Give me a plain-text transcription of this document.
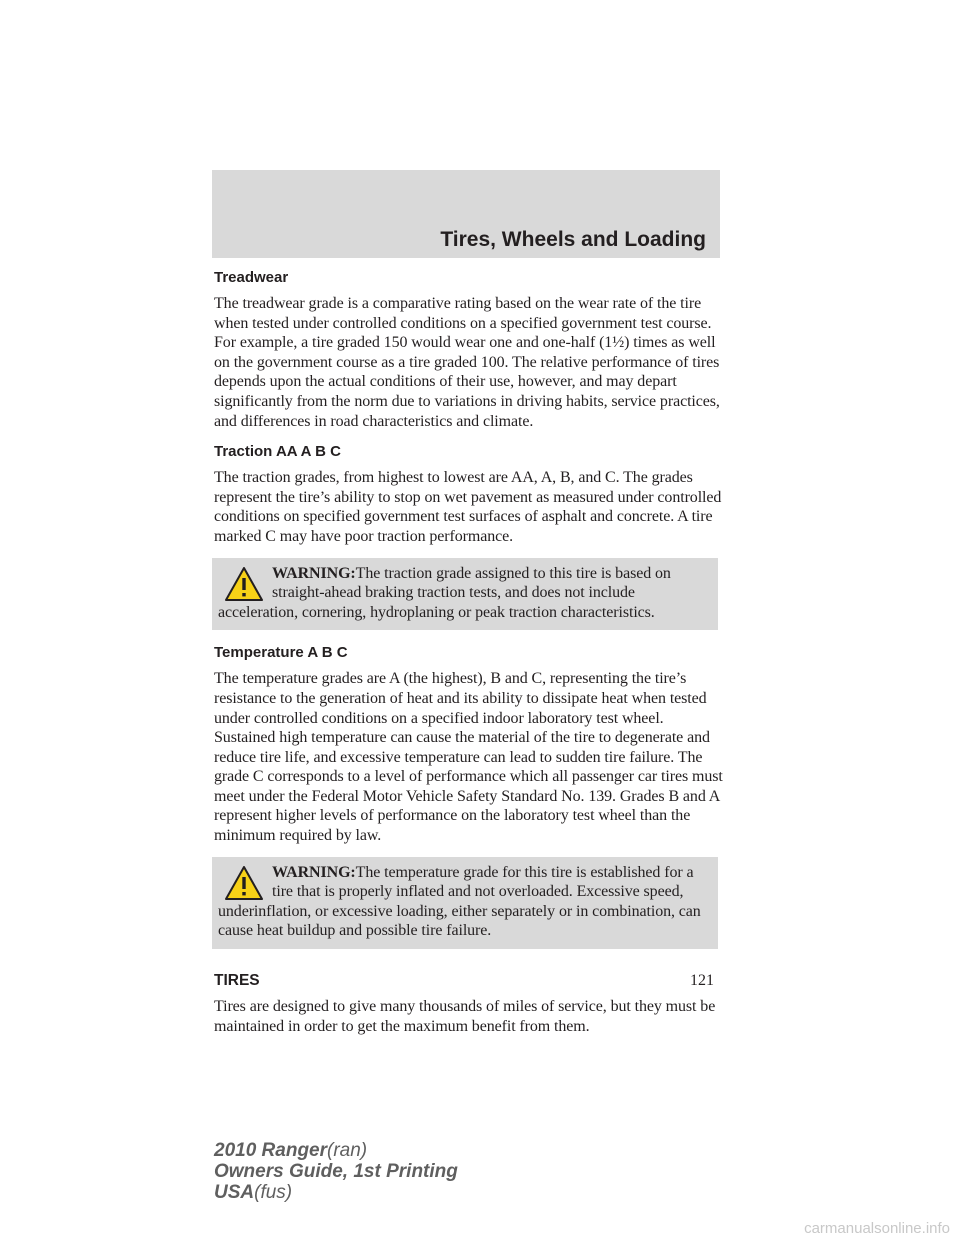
Tires, Wheels and Loading
Treadwear

The treadwear grade is a comparative rating based on the wear rate of the tire when tested under controlled conditions on a specified government test course. For example, a tire graded 150 would wear one and one-half (1½) times as well on the government course as a tire graded 100. The relative performance of tires depends upon the actual conditions of their use, however, and may depart significantly from the norm due to variations in driving habits, service practices, and differences in road characteristics and climate.

Traction AA A B C

The traction grades, from highest to lowest are AA, A, B, and C. The grades represent the tire’s ability to stop on wet pavement as measured under controlled conditions on specified government test surfaces of asphalt and concrete. A tire marked C may have poor traction performance.

WARNING:The traction grade assigned to this tire is based on straight-ahead braking traction tests, and does not include acceleration, cornering, hydroplaning or peak traction characteristics.
Temperature A B C

The temperature grades are A (the highest), B and C, representing the tire’s resistance to the generation of heat and its ability to dissipate heat when tested under controlled conditions on a specified indoor laboratory test wheel. Sustained high temperature can cause the material of the tire to degenerate and reduce tire life, and excessive temperature can lead to sudden tire failure. The grade C corresponds to a level of performance which all passenger car tires must meet under the Federal Motor Vehicle Safety Standard No. 139. Grades B and A represent higher levels of performance on the laboratory test wheel than the minimum required by law.

WARNING:The temperature grade for this tire is established for a tire that is properly inflated and not overloaded. Excessive speed, underinflation, or excessive loading, either separately or in combination, can cause heat buildup and possible tire failure.
TIRES

Tires are designed to give many thousands of miles of service, but they must be maintained in order to get the maximum benefit from them.

121
2010 Ranger(ran)
Owners Guide, 1st Printing
USA(fus)
carmanualsonline.info
